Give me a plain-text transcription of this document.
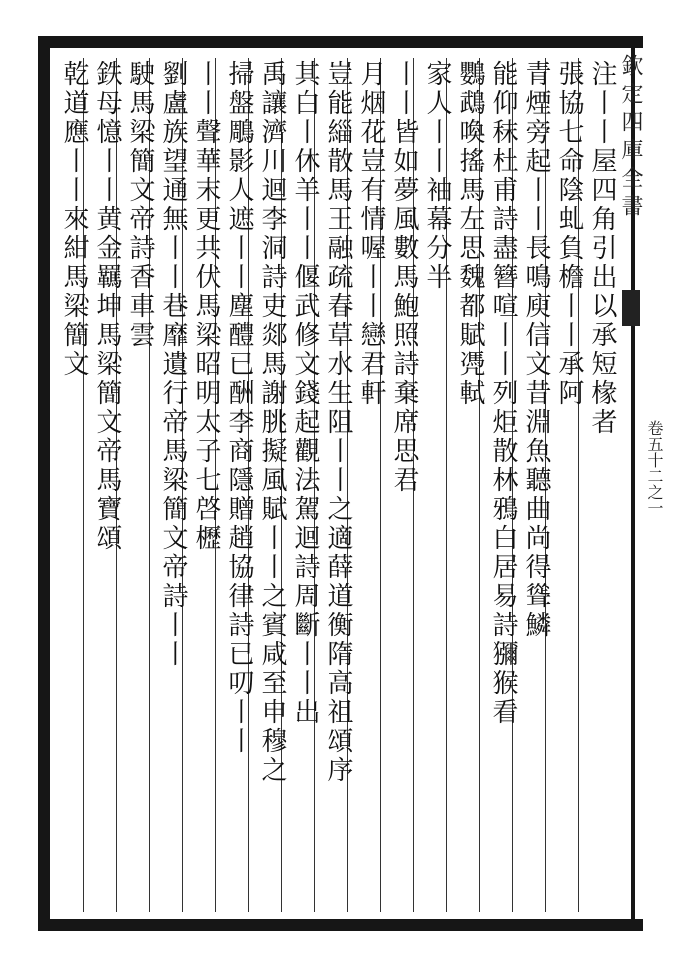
欽定四庫全書
卷五十二之一
注丨丨屋四角引出以承短椽者
張協七命陰虬負檐丨丨承阿
青煙旁起丨丨長鳴庾信文昔淵魚聽曲尚得聳鱗
能仰秣杜甫詩盡簪喧丨丨列炬散林鴉白居易詩獼猴看
鸚鵡喚搖馬左思魏都賦凴軾
家人丨丨袖幕分半
丨丨皆如夢風數馬鮑照詩棄席思君
月烟花豈有情喔丨丨戀君軒
豈能緇散馬王融疏春草水生阻丨丨之適薛道衡隋高祖頌序
其白丨休羊丨丨偃武修文錢起觀法駕迴詩周斷丨丨出
禹讓濟川迴李洞詩吏郯馬謝朓擬風賦丨丨之賓咸至申穆之
掃盤鵰影人遮丨丨塵醴已酬李商隱贈趙協律詩已叨丨丨
丨丨聲華末更共伏馬梁昭明太子七啓櫪
劉盧族望通無丨丨巷靡遺行帝馬梁簡文帝詩丨丨
駛馬梁簡文帝詩香車雲
鉄母憶丨丨黄金羈坤馬梁簡文帝馬寶頌
乾道應丨丨來紺馬梁簡文
